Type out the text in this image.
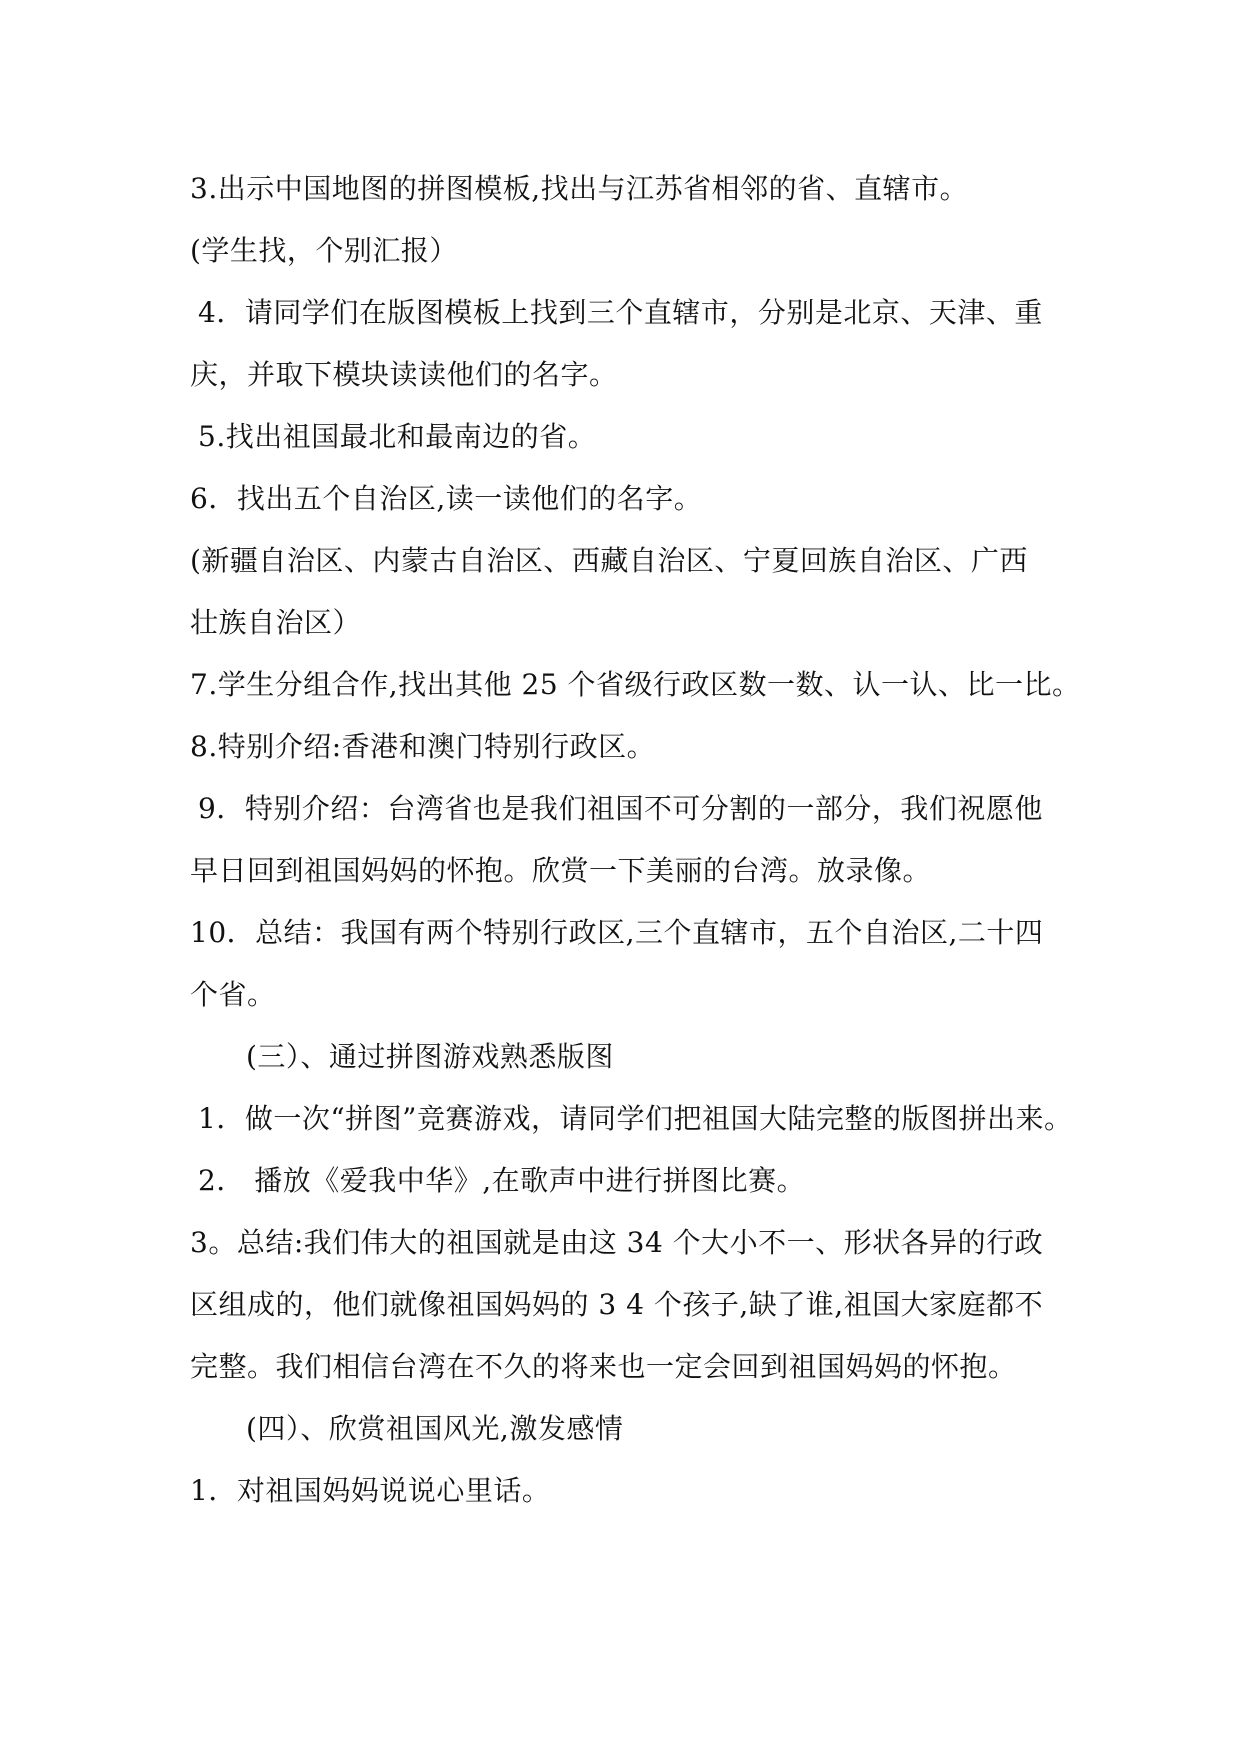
3.出示中国地图的拼图模板,找出与江苏省相邻的省、直辖市。
(学生找，个别汇报）
4．请同学们在版图模板上找到三个直辖市，分别是北京、天津、重
庆，并取下模块读读他们的名字。
5.找出祖国最北和最南边的省。
6．找出五个自治区,读一读他们的名字。
(新疆自治区、内蒙古自治区、西藏自治区、宁夏回族自治区、广西
壮族自治区）
7.学生分组合作,找出其他 25 个省级行政区数一数、认一认、比一比。
8.特别介绍:香港和澳门特别行政区。
9．特别介绍：台湾省也是我们祖国不可分割的一部分，我们祝愿他
早日回到祖国妈妈的怀抱。欣赏一下美丽的台湾。放录像。
10．总结：我国有两个特别行政区,三个直辖市，五个自治区,二十四
个省。
(三）、通过拼图游戏熟悉版图
1．做一次“拼图”竞赛游戏，请同学们把祖国大陆完整的版图拼出来。
2． 播放《爱我中华》,在歌声中进行拼图比赛。
3。总结:我们伟大的祖国就是由这 34 个大小不一、形状各异的行政
区组成的，他们就像祖国妈妈的 3 4 个孩子,缺了谁,祖国大家庭都不
完整。我们相信台湾在不久的将来也一定会回到祖国妈妈的怀抱。
(四）、欣赏祖国风光,激发感情
1．对祖国妈妈说说心里话。
